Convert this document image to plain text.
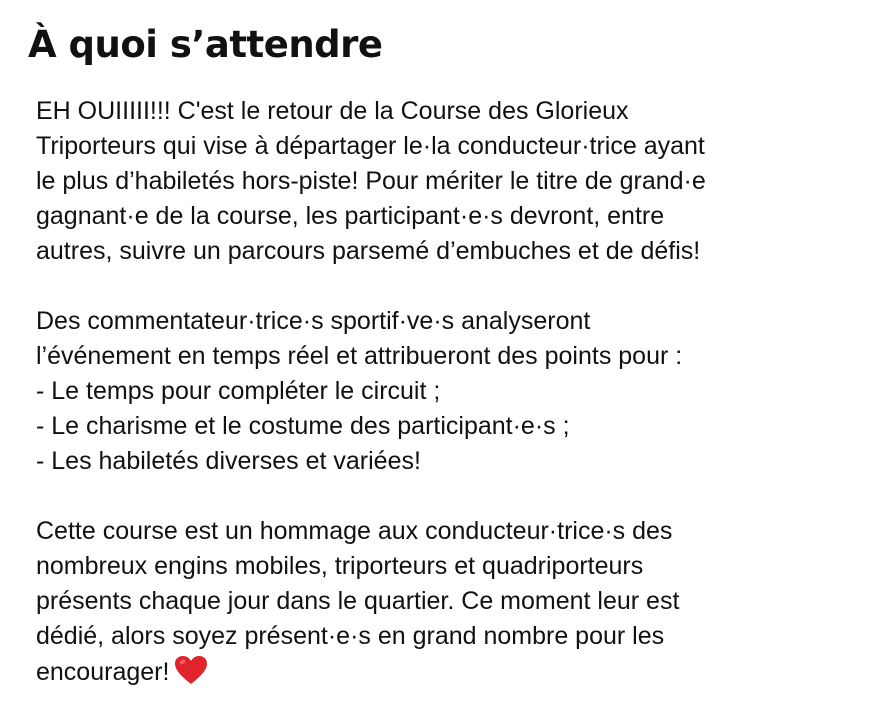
À quoi s’attendre

EH OUIIIII!!! C'est le retour de la Course des Glorieux
Triporteurs qui vise à départager le·la conducteur·trice ayant
le plus d’habiletés hors-piste! Pour mériter le titre de grand·e
gagnant·e de la course, les participant·e·s devront, entre
autres, suivre un parcours parsemé d’embuches et de défis!

Des commentateur·trice·s sportif·ve·s analyseront
l’événement en temps réel et attribueront des points pour :
- Le temps pour compléter le circuit ;
- Le charisme et le costume des participant·e·s ;
- Les habiletés diverses et variées!

Cette course est un hommage aux conducteur·trice·s des
nombreux engins mobiles, triporteurs et quadriporteurs
présents chaque jour dans le quartier. Ce moment leur est
dédié, alors soyez présent·e·s en grand nombre pour les
encourager!
